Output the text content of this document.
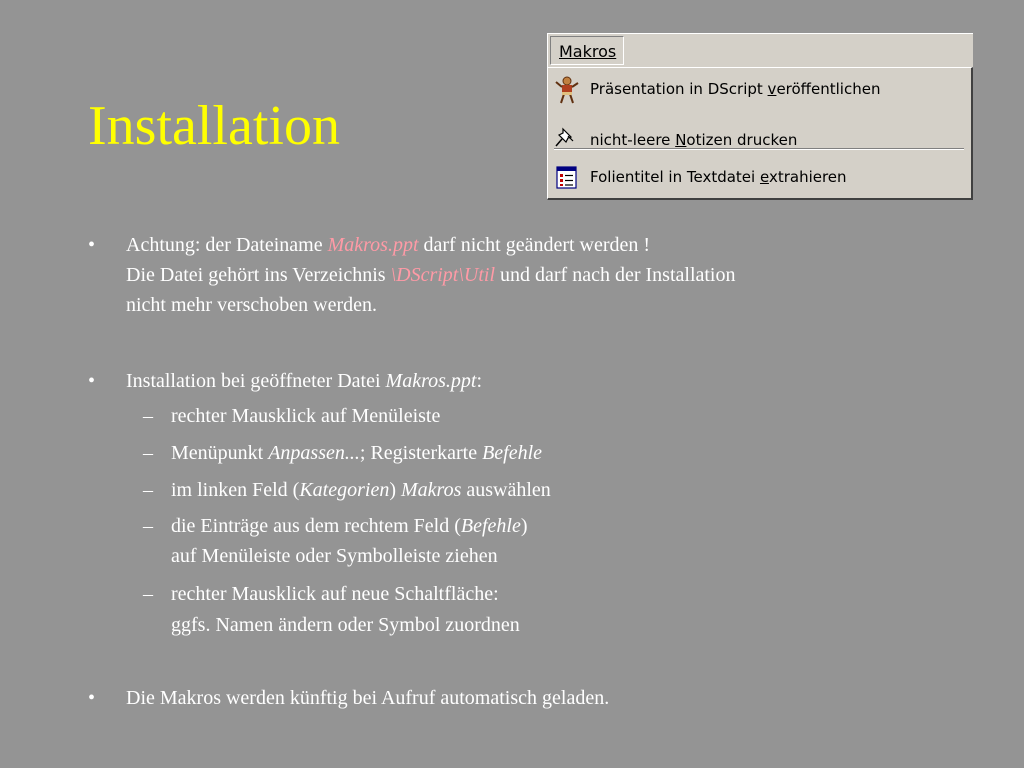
Installation
Makros
Präsentation in DScript veröffentlichen
nicht-leere Notizen drucken
Folientitel in Textdatei extrahieren
• Achtung: der Dateiname Makros.ppt darf nicht geändert werden !
Die Datei gehört ins Verzeichnis \DScript\Util und darf nach der Installation
nicht mehr verschoben werden.
• Installation bei geöffneter Datei Makros.ppt:
– rechter Mausklick auf Menüleiste
– Menüpunkt Anpassen...; Registerkarte Befehle
– im linken Feld (Kategorien) Makros auswählen
– die Einträge aus dem rechtem Feld (Befehle)
auf Menüleiste oder Symbolleiste ziehen
– rechter Mausklick auf neue Schaltfläche:
ggfs. Namen ändern oder Symbol zuordnen
• Die Makros werden künftig bei Aufruf automatisch geladen.
